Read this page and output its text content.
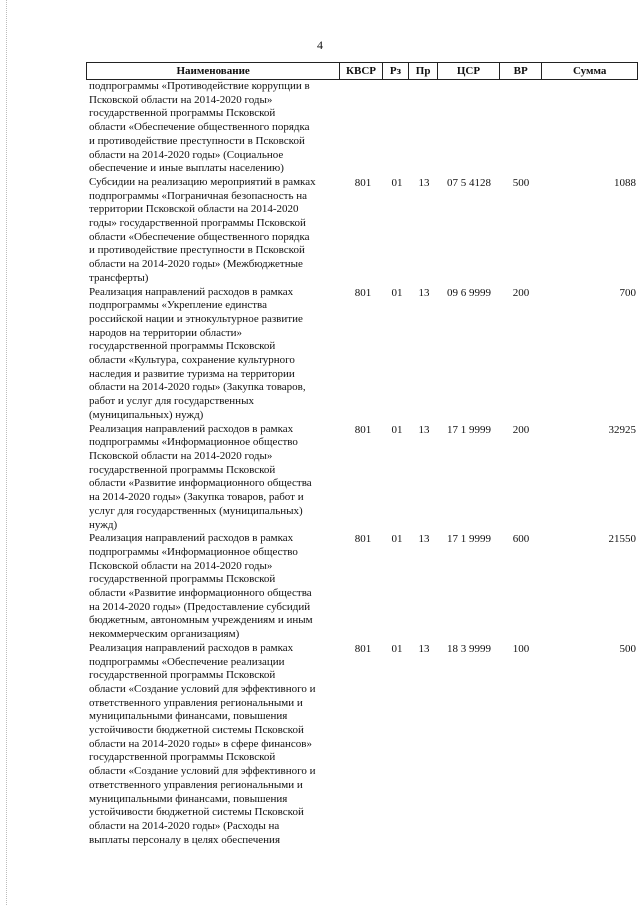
4
Наименование	КВСР	Рз	Пр	ЦСР	ВР	Сумма
подпрограммы «Противодействие коррупции в
Псковской области на 2014-2020 годы»
государственной программы Псковской
области «Обеспечение общественного порядка
и противодействие преступности в Псковской
области на 2014-2020 годы» (Социальное
обеспечение и иные выплаты населению)
Субсидии на реализацию мероприятий в рамках
подпрограммы «Пограничная безопасность на
территории Псковской области на 2014-2020
годы» государственной программы Псковской
области «Обеспечение общественного порядка
и противодействие преступности в Псковской
области на 2014-2020 годы» (Межбюджетные
трансферты)
801	01	13	07 5 4128	500	1088
Реализация направлений расходов в рамках
подпрограммы «Укрепление единства
российской нации и этнокультурное развитие
народов на территории области»
государственной программы Псковской
области «Культура, сохранение культурного
наследия и развитие туризма на территории
области на 2014-2020 годы» (Закупка товаров,
работ и услуг для государственных
(муниципальных) нужд)
801	01	13	09 6 9999	200	700
Реализация направлений расходов в рамках
подпрограммы «Информационное общество
Псковской области на 2014-2020 годы»
государственной программы Псковской
области «Развитие информационного общества
на 2014-2020 годы» (Закупка товаров, работ и
услуг для государственных (муниципальных)
нужд)
801	01	13	17 1 9999	200	32925
Реализация направлений расходов в рамках
подпрограммы «Информационное общество
Псковской области на 2014-2020 годы»
государственной программы Псковской
области «Развитие информационного общества
на 2014-2020 годы» (Предоставление субсидий
бюджетным, автономным учреждениям и иным
некоммерческим организациям)
801	01	13	17 1 9999	600	21550
Реализация направлений расходов в рамках
подпрограммы «Обеспечение реализации
государственной программы Псковской
области «Создание условий для эффективного и
ответственного управления региональными и
муниципальными финансами, повышения
устойчивости бюджетной системы Псковской
области на 2014-2020 годы» в сфере финансов»
государственной программы Псковской
области «Создание условий для эффективного и
ответственного управления региональными и
муниципальными финансами, повышения
устойчивости бюджетной системы Псковской
области на 2014-2020 годы» (Расходы на
выплаты персоналу в целях обеспечения
801	01	13	18 3 9999	100	500
